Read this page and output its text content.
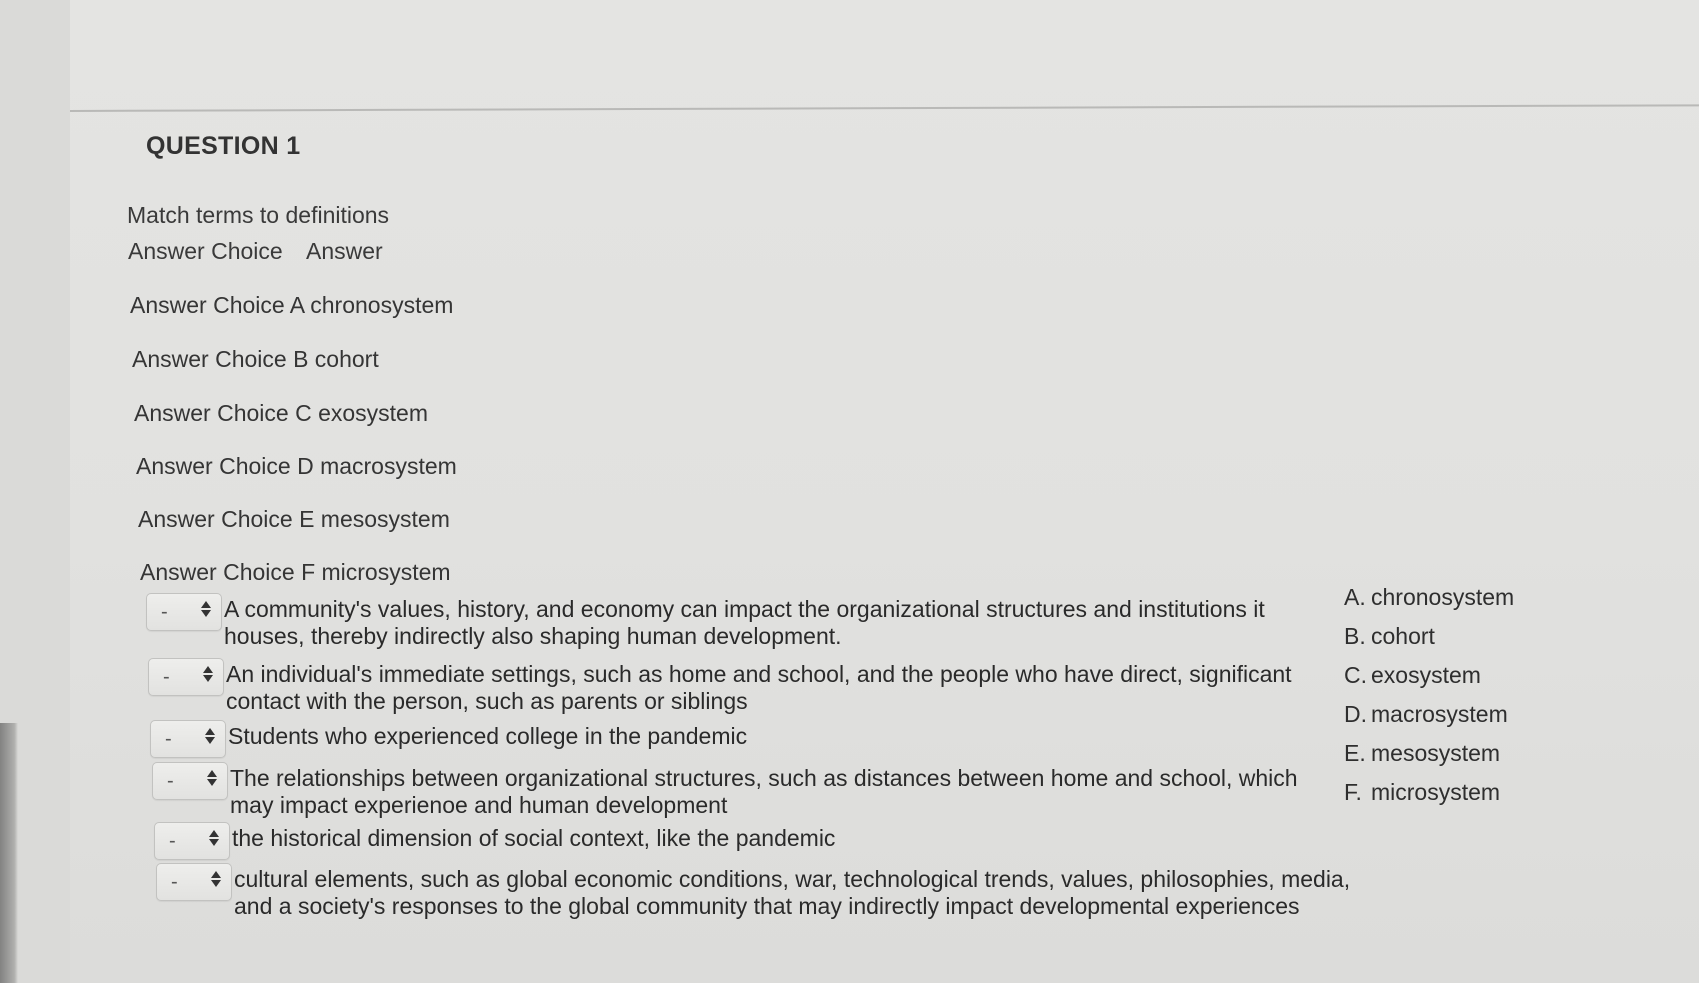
QUESTION 1
Match terms to definitions
Answer Choice Answer
Answer Choice A chronosystem
Answer Choice B cohort
Answer Choice C exosystem
Answer Choice D macrosystem
Answer Choice E mesosystem
Answer Choice F microsystem
- A community's values, history, and economy can impact the organizational structures and institutions it
houses, thereby indirectly also shaping human development.
- An individual's immediate settings, such as home and school, and the people who have direct, significant
contact with the person, such as parents or siblings
- Students who experienced college in the pandemic
- The relationships between organizational structures, such as distances between home and school, which
may impact experienoe and human development
- the historical dimension of social context, like the pandemic
- cultural elements, such as global economic conditions, war, technological trends, values, philosophies, media,
and a society's responses to the global community that may indirectly impact developmental experiences
A. chronosystem
B. cohort
C. exosystem
D. macrosystem
E. mesosystem
F. microsystem
